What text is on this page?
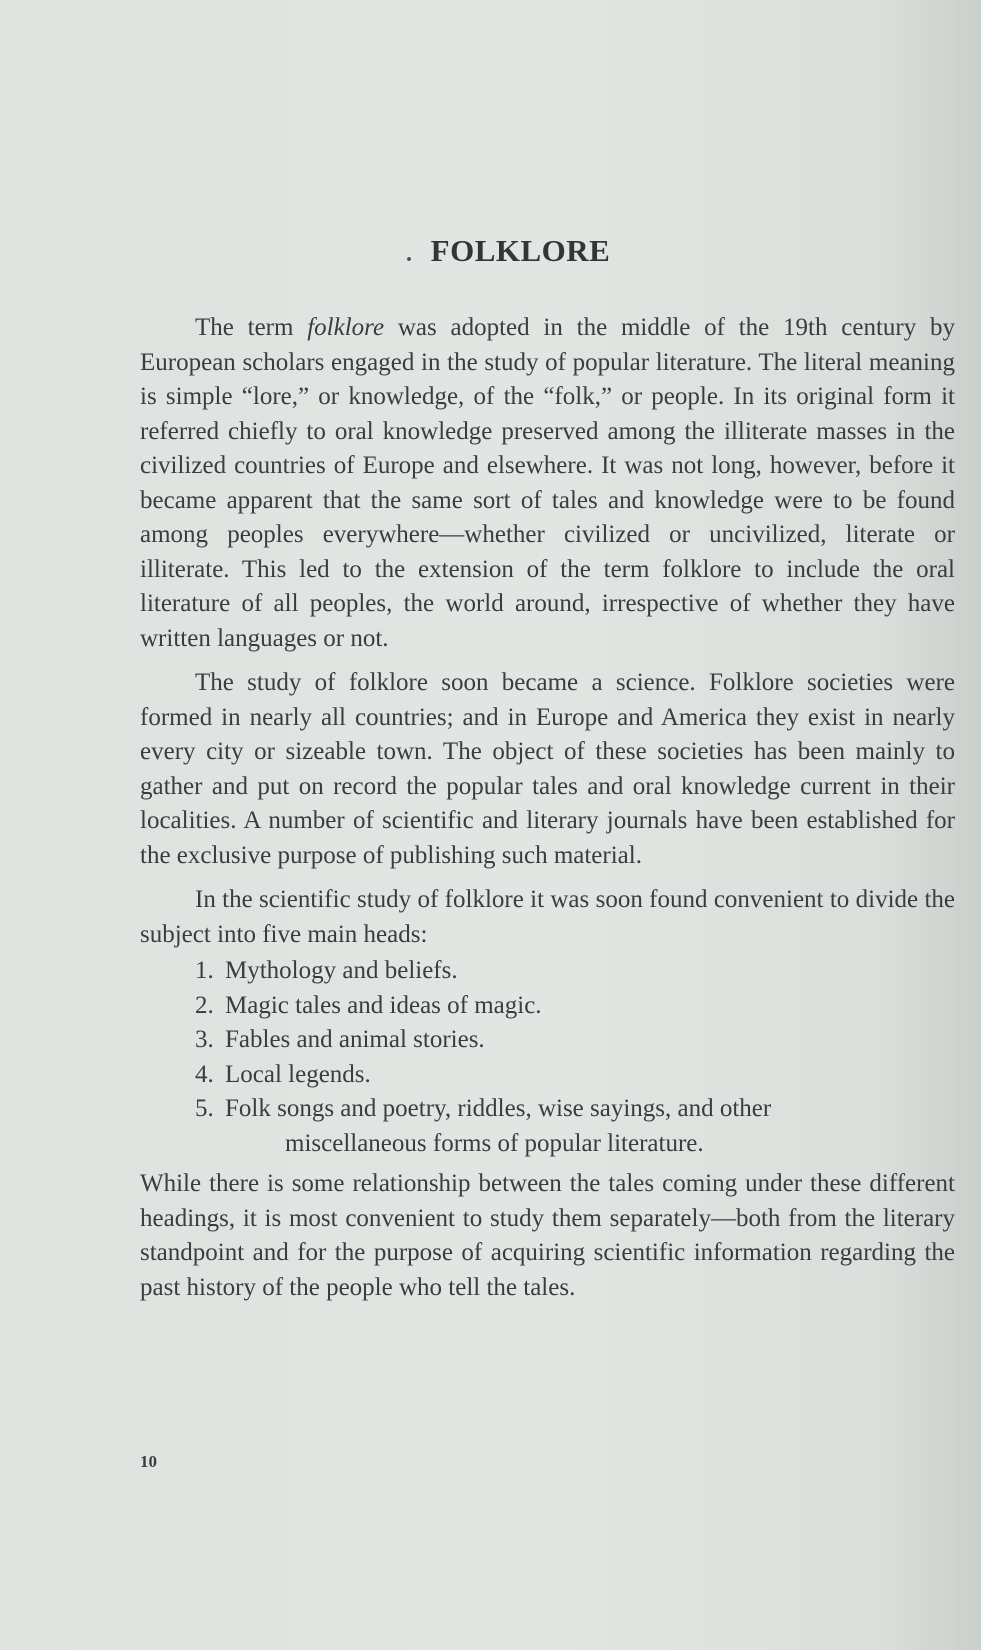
· FOLKLORE

The term folklore was adopted in the middle of the 19th century by European scholars engaged in the study of popular literature. The literal meaning is simple “lore,” or knowledge, of the “folk,” or people. In its original form it referred chiefly to oral knowledge preserved among the illiterate masses in the civilized countries of Europe and elsewhere. It was not long, however, before it became apparent that the same sort of tales and knowledge were to be found among peoples everywhere—whether civilized or uncivilized, literate or illiterate. This led to the extension of the term folklore to include the oral literature of all peoples, the world around, irrespective of whether they have written languages or not.

The study of folklore soon became a science. Folklore societies were formed in nearly all countries; and in Europe and America they exist in nearly every city or sizeable town. The object of these societies has been mainly to gather and put on record the popular tales and oral knowledge current in their localities. A number of scientific and literary journals have been established for the exclusive purpose of publishing such material.

In the scientific study of folklore it was soon found convenient to divide the subject into five main heads:

1. Mythology and beliefs.
2. Magic tales and ideas of magic.
3. Fables and animal stories.
4. Local legends.
5. Folk songs and poetry, riddles, wise sayings, and other
miscellaneous forms of popular literature.

While there is some relationship between the tales coming under these different headings, it is most convenient to study them separately—both from the literary standpoint and for the purpose of acquiring scientific information regarding the past history of the people who tell the tales.

10
